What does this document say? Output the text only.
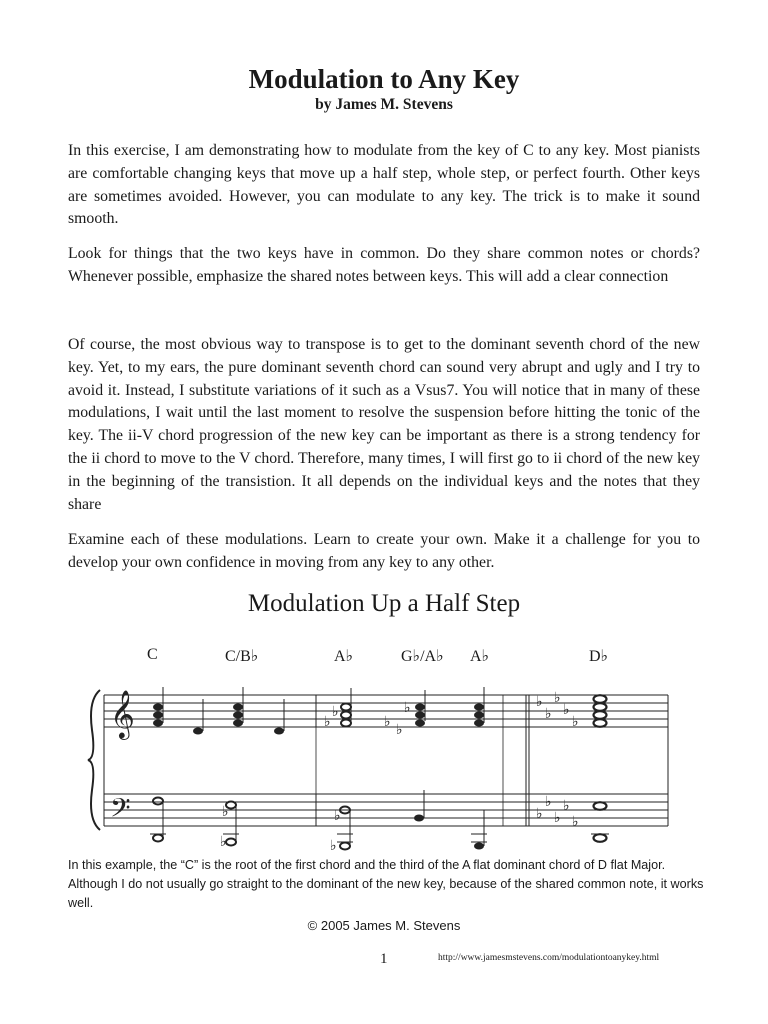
Modulation to Any Key

by James M. Stevens

In this exercise, I am demonstrating how to modulate from the key of C to any key. Most pianists are comfortable changing keys that move up a half step, whole step, or perfect fourth. Other keys are sometimes avoided. However, you can modulate to any key. The trick is to make it sound smooth.

Look for things that the two keys have in common. Do they share common notes or chords? Whenever possible, emphasize the shared notes between keys. This will add a clear connection

Of course, the most obvious way to transpose is to get to the dominant seventh chord of the new key. Yet, to my ears, the pure dominant seventh chord can sound very abrupt and ugly and I try to avoid it. Instead, I substitute variations of it such as a Vsus7. You will notice that in many of these modulations, I wait until the last moment to resolve the suspension before hitting the tonic of the key. The ii-V chord progression of the new key can be important as there is a strong tendency for the ii chord to move to the V chord. Therefore, many times, I will first go to ii chord of the new key in the beginning of the transistion. It all depends on the individual keys and the notes that they share

Examine each of these modulations. Learn to create your own. Make it a challenge for you to develop your own confidence in moving from any key to any other.

Modulation Up a Half Step
C	C/B♭	A♭	G♭/A♭ A♭	D♭
𝄞
𝄢
♭
♭
♭ ♭
♭	♭
♭
♭
♭
♭
♭
♭
♭
♭
♭
♭
♭
♭
♭

In this example, the “C” is the root of the first chord and the third of the A flat dominant chord of D flat Major. Although I do not usually go straight to the dominant of the new key, because of the shared common note, it works well.

© 2005 James M. Stevens

1	http://www.jamesmstevens.com/modulationtoanykey.html
